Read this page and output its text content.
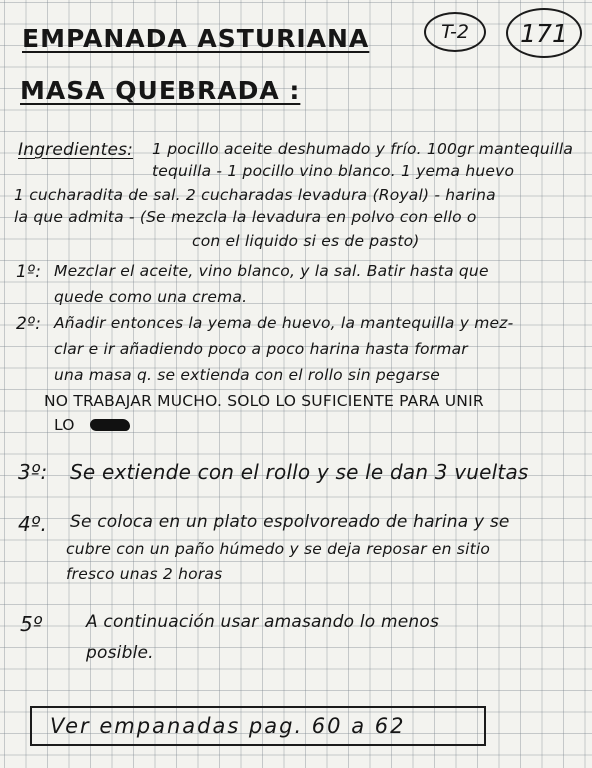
EMPANADA ASTURIANA
MASA QUEBRADA :
T-2	171
Ingredientes: 1 pocillo aceite deshumado y frío. 100gr mantequilla
tequilla - 1 pocillo vino blanco. 1 yema huevo
1 cucharadita de sal. 2 cucharadas levadura (Royal) - harina
la que admita - (Se mezcla la levadura en polvo con ello o
con el liquido si es de pasto)
1º: Mezclar el aceite, vino blanco, y la sal. Batir hasta que
quede como una crema.
2º: Añadir entonces la yema de huevo, la mantequilla y mez-
clar e ir añadiendo poco a poco harina hasta formar
una masa q. se extienda con el rollo sin pegarse
NO TRABAJAR MUCHO. SOLO LO SUFICIENTE PARA UNIR
LO
3º: Se extiende con el rollo y se le dan 3 vueltas
4º. Se coloca en un plato espolvoreado de harina y se
cubre con un paño húmedo y se deja reposar en sitio
fresco unas 2 horas
5º	A continuación usar amasando lo menos
posible.
Ver empanadas pag. 60 a 62
